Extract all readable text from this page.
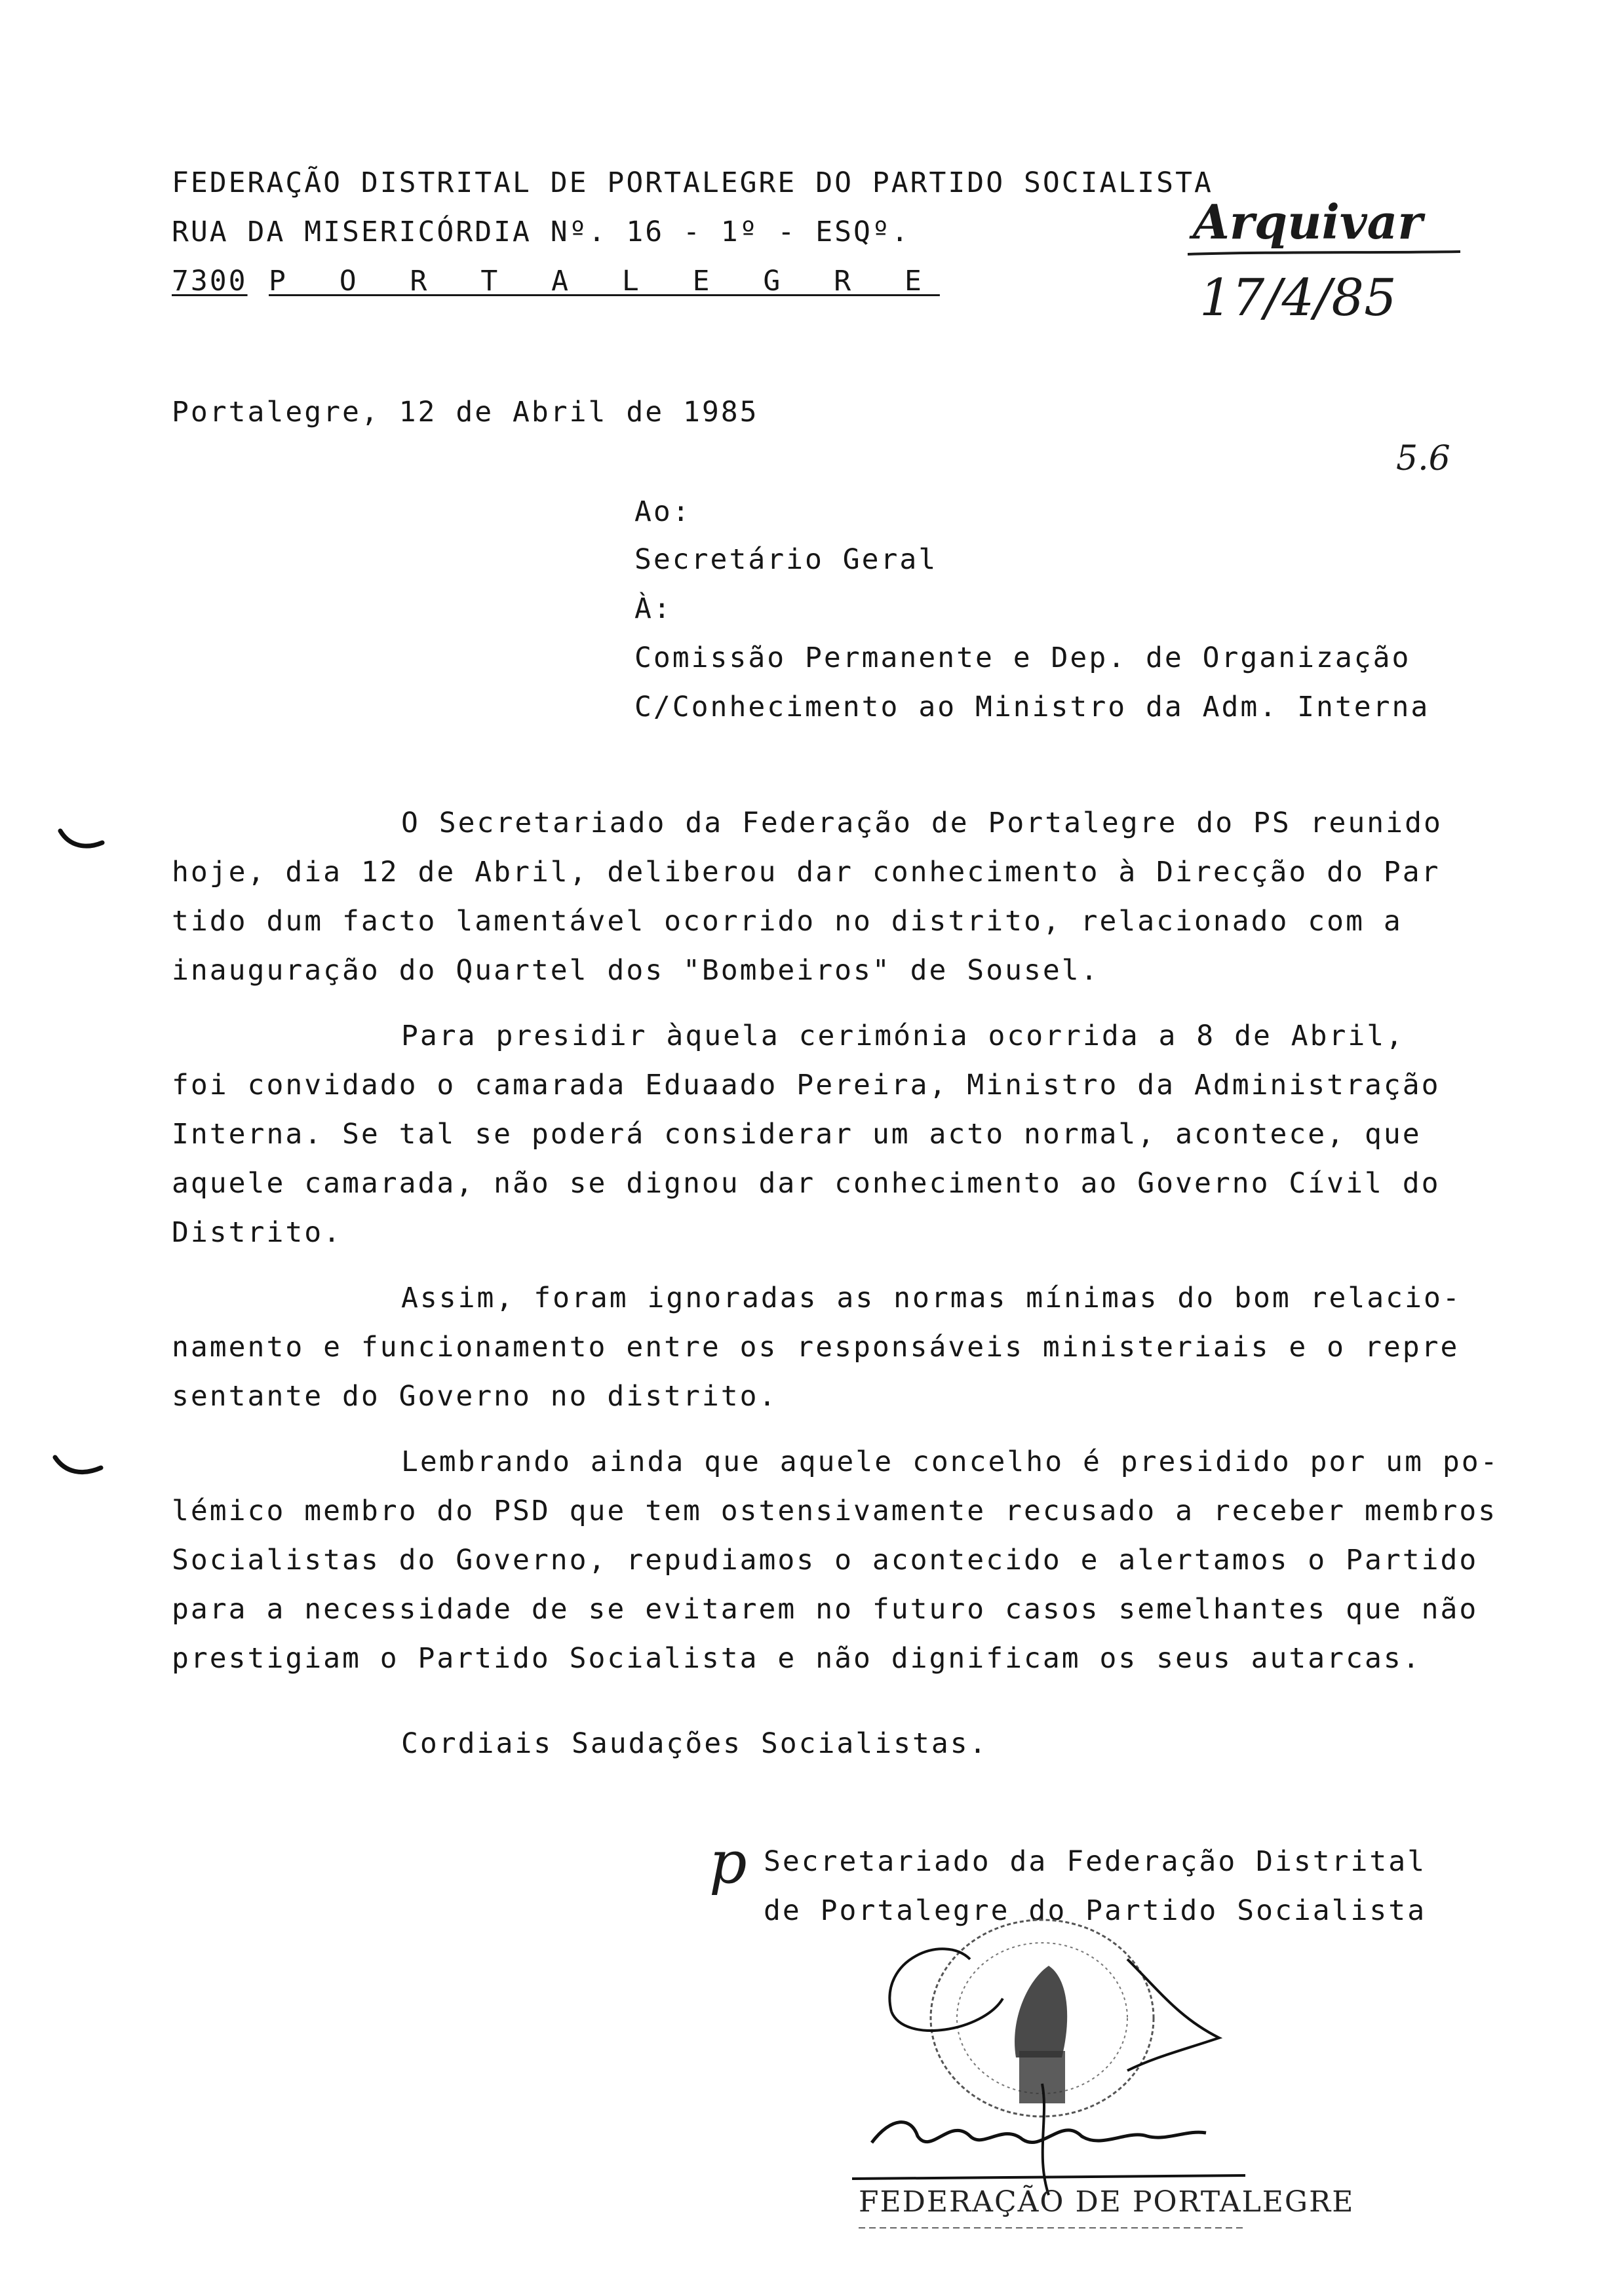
FEDERAÇÃO DISTRITAL DE PORTALEGRE DO PARTIDO SOCIALISTA
RUA DA MISERICÓRDIA Nº. 16 - 1º - ESQº.
7300 P O R T A L E G R E
Arquivar
17/4/85
5.6
Portalegre, 12 de Abril de 1985
Ao:
Secretário Geral
À:
Comissão Permanente e Dep. de Organização
C/Conhecimento ao Ministro da Adm. Interna
O Secretariado da Federação de Portalegre do PS reunido
hoje, dia 12 de Abril, deliberou dar conhecimento à Direcção do Par
tido dum facto lamentável ocorrido no distrito, relacionado com a
inauguração do Quartel dos "Bombeiros" de Sousel.
Para presidir àquela cerimónia ocorrida a 8 de Abril,
foi convidado o camarada Eduaado Pereira, Ministro da Administração
Interna. Se tal se poderá considerar um acto normal, acontece, que
aquele camarada, não se dignou dar conhecimento ao Governo Cívil do
Distrito.
Assim, foram ignoradas as normas mínimas do bom relacio-
namento e funcionamento entre os responsáveis ministeriais e o repre
sentante do Governo no distrito.
Lembrando ainda que aquele concelho é presidido por um po-
lémico membro do PSD que tem ostensivamente recusado a receber membros
Socialistas do Governo, repudiamos o acontecido e alertamos o Partido
para a necessidade de se evitarem no futuro casos semelhantes que não
prestigiam o Partido Socialista e não dignificam os seus autarcas.
Cordiais Saudações Socialistas.
p Secretariado da Federação Distrital
de Portalegre do Partido Socialista
FEDERAÇÃO DE PORTALEGRE
